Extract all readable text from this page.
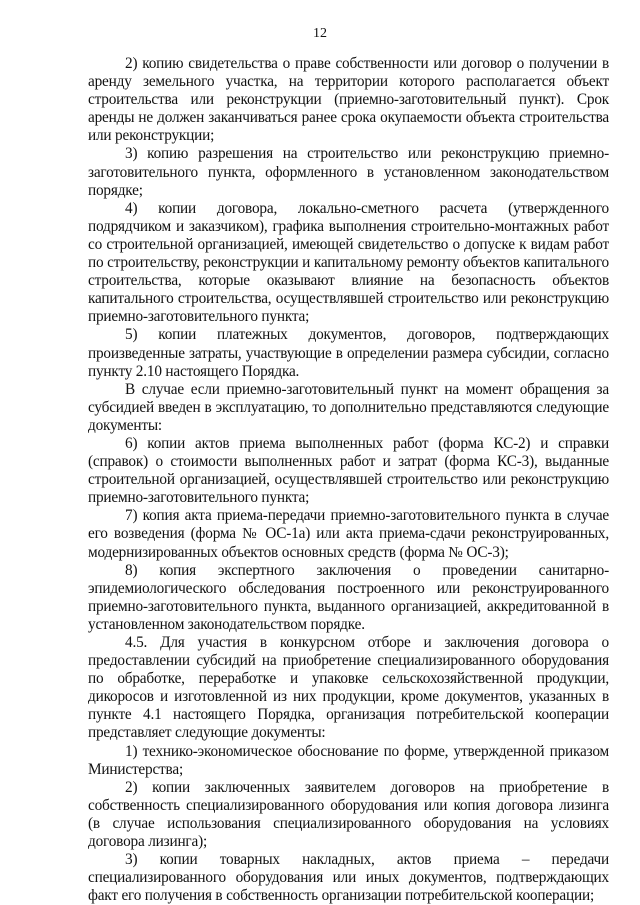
12

2) копию свидетельства о праве собственности или договор о получении в аренду земельного участка, на территории которого располагается объект строительства или реконструкции (приемно-заготовительный пункт). Срок аренды не должен заканчиваться ранее срока окупаемости объекта строительства или реконструкции;

3) копию разрешения на строительство или реконструкцию приемно-заготовительного пункта, оформленного в установленном законодательством порядке;

4) копии договора, локально-сметного расчета (утвержденного подрядчиком и заказчиком), графика выполнения строительно-монтажных работ со строительной организацией, имеющей свидетельство о допуске к видам работ по строительству, реконструкции и капитальному ремонту объектов капитального строительства, которые оказывают влияние на безопасность объектов капитального строительства, осуществлявшей строительство или реконструкцию приемно-заготовительного пункта;

5) копии платежных документов, договоров, подтверждающих произведенные затраты, участвующие в определении размера субсидии, согласно пункту 2.10 настоящего Порядка.

В случае если приемно-заготовительный пункт на момент обращения за субсидией введен в эксплуатацию, то дополнительно представляются следующие документы:

6) копии актов приема выполненных работ (форма КС-2) и справки (справок) о стоимости выполненных работ и затрат (форма КС-3), выданные строительной организацией, осуществлявшей строительство или реконструкцию приемно-заготовительного пункта;

7) копия акта приема-передачи приемно-заготовительного пункта в случае его возведения (форма № ОС-1а) или акта приема-сдачи реконструированных, модернизированных объектов основных средств (форма № ОС-3);

8) копия экспертного заключения о проведении санитарно-эпидемиологического обследования построенного или реконструированного приемно-заготовительного пункта, выданного организацией, аккредитованной в установленном законодательством порядке.

4.5. Для участия в конкурсном отборе и заключения договора о предоставлении субсидий на приобретение специализированного оборудования по обработке, переработке и упаковке сельскохозяйственной продукции, дикоросов и изготовленной из них продукции, кроме документов, указанных в пункте 4.1 настоящего Порядка, организация потребительской кооперации представляет следующие документы:

1) технико-экономическое обоснование по форме, утвержденной приказом Министерства;

2) копии заключенных заявителем договоров на приобретение в собственность специализированного оборудования или копия договора лизинга (в случае использования специализированного оборудования на условиях договора лизинга);

3) копии товарных накладных, актов приема – передачи специализированного оборудования или иных документов, подтверждающих факт его получения в собственность организации потребительской кооперации;
